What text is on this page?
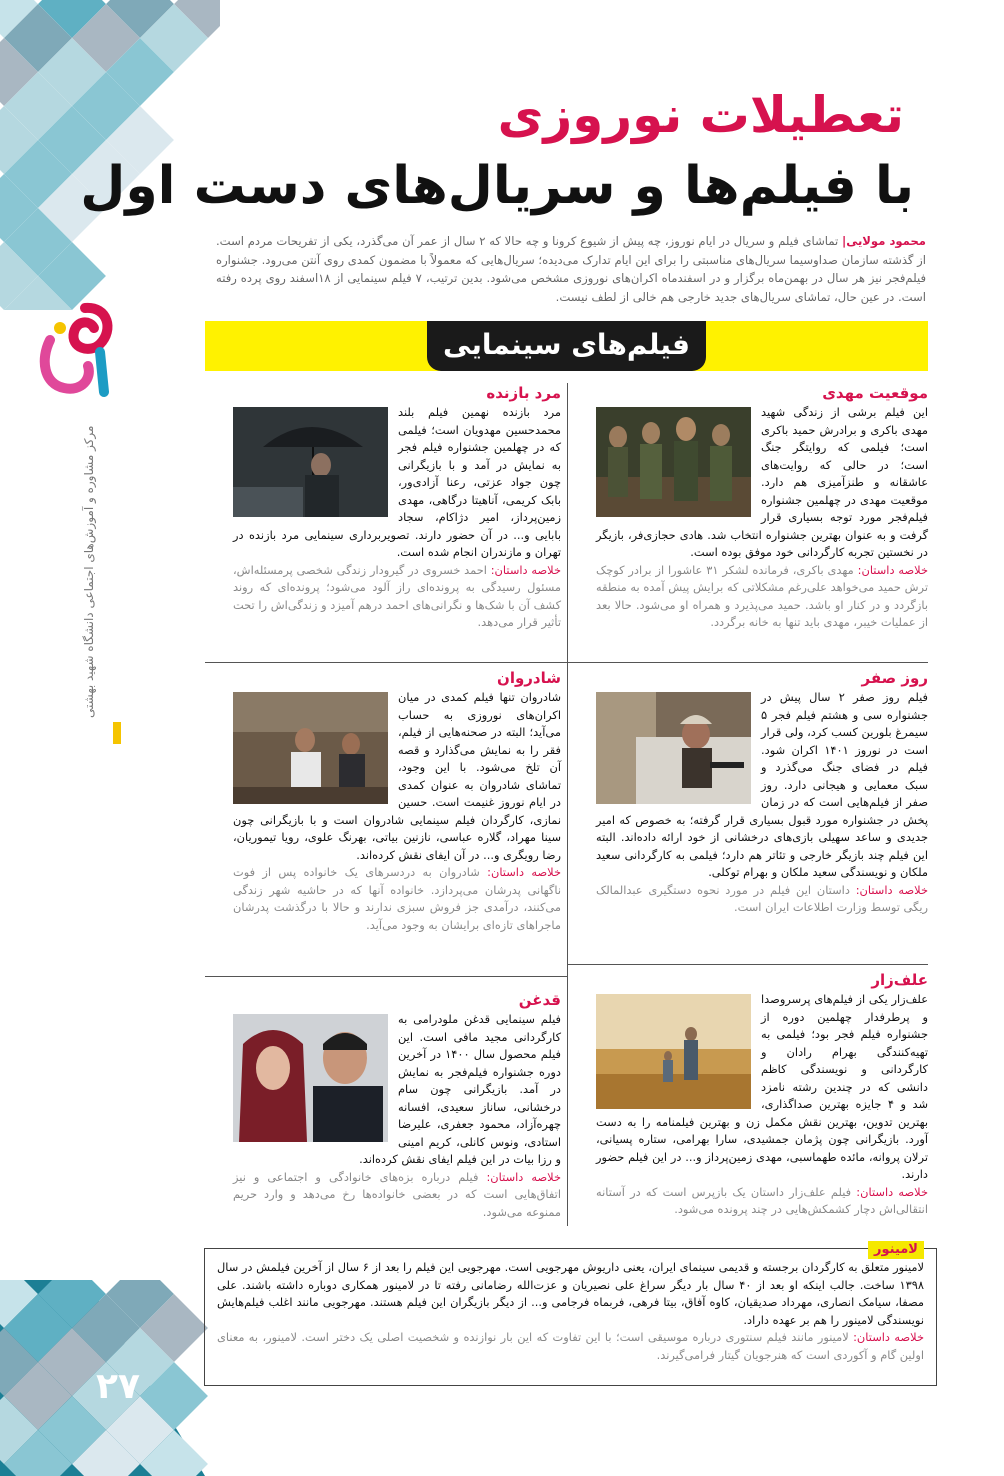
مرکز مشاوره و آموزش‌های اجتماعی دانشگاه شهید بهشتی
۲۷
تعطیلات نوروزی
با فیلم‌ها و سریال‌های دست اول
محمود مولایی| تماشای فیلم و سریال در ایام نوروز، چه پیش از شیوع کرونا و چه حالا که ۲ سال از عمر آن می‌گذرد، یکی از تفریحات مردم است. از گذشته سازمان صداوسیما سریال‌های مناسبتی را برای این ایام تدارک می‌دیده؛ سریال‌هایی که معمولاً با مضمون کمدی روی آنتن می‌رود. جشنواره فیلم‌فجر نیز هر سال در بهمن‌ماه برگزار و در اسفند‌ماه اکران‌های نوروزی مشخص می‌شود. بدین ترتیب، ۷ فیلم سینمایی از ۱۸اسفند روی پرده رفته است. در عین حال، تماشای سریال‌های جدید خارجی هم خالی از لطف نیست.
فیلم‌های سینمایی
موقعیت مهدی

این فیلم برشی از زندگی شهید مهدی باکری و برادرش حمید باکری است؛ فیلمی که روایتگر جنگ است؛ در حالی که روایت‌های عاشقانه و طنزآمیزی هم دارد. موقعیت مهدی در چهلمین جشنواره فیلم‌فجر مورد توجه بسیاری قرار گرفت و به عنوان بهترین جشنواره انتخاب شد. هادی حجازی‌فر، بازیگر در نخستین تجربه کارگردانی خود موفق بوده است.

خلاصه داستان: مهدی باکری، فرمانده لشکر ۳۱ عاشورا از برادر کوچک ترش حمید می‌خواهد علی‌رغم مشکلاتی که برایش پیش آمده به منطقه بازگردد و در کنار او باشد. حمید می‌پذیرد و همراه او می‌شود. حالا بعد از عملیات خیبر، مهدی باید تنها به خانه برگردد.

مرد بازنده

مرد بازنده نهمین فیلم بلند محمدحسین مهدویان است؛ فیلمی که در چهلمین جشنواره فیلم فجر به نمایش در آمد و با بازیگرانی چون جواد عزتی، رعنا آزادی‌ور، بابک کریمی، آناهیتا درگاهی، مهدی زمین‌پرداز، امیر دژاکام، سجاد بابایی و... در آن حضور دارند. تصویربرداری سینمایی مرد بازنده در تهران و مازندران انجام شده است.

خلاصه داستان: احمد خسروی در گیرودار زندگی شخصی پرمسئله‌اش، مسئول رسیدگی به پرونده‌ای راز آلود می‌شود؛ پرونده‌ای که روند کشف آن با شک‌ها و نگرانی‌های احمد درهم آمیزد و زندگی‌اش را تحت تأثیر قرار می‌دهد.

روز صفر

فیلم روز صفر ۲ سال پیش در جشنواره سی و هشتم فیلم فجر ۵ سیمرغ بلورین کسب کرد، ولی قرار است در نوروز ۱۴۰۱ اکران شود. فیلم در فضای جنگ می‌گذرد و سبک معمایی و هیجانی دارد. روز صفر از فیلم‌هایی است که در زمان پخش در جشنواره مورد قبول بسیاری قرار گرفته؛ به خصوص که امیر جدیدی و ساعد سهیلی بازی‌های درخشانی از خود ارائه داده‌اند. البته این فیلم چند بازیگر خارجی و تئاتر هم دارد؛ فیلمی به کارگردانی سعید ملکان و نویسندگی سعید ملکان و بهرام توکلی.

خلاصه داستان: داستان این فیلم در مورد نحوه دستگیری عبدالمالک ریگی توسط وزارت اطلاعات ایران است.

شادروان

شادروان تنها فیلم کمدی در میان اکران‌های نوروزی به حساب می‌آید؛ البته در صحنه‌هایی از فیلم، فقر را به نمایش می‌گذارد و قصه آن تلخ می‌شود. با این وجود، تماشای شادروان به عنوان کمدی در ایام نوروز غنیمت است. حسین نمازی، کارگردان فیلم سینمایی شادروان است و با بازیگرانی چون سینا مهراد، گلاره عباسی، نازنین بیاتی، بهرنگ علوی، رویا تیموریان، رضا رویگری و... در آن ایفای نقش کرده‌اند.

خلاصه داستان: شادروان به دردسرهای یک خانواده پس از فوت ناگهانی پدرشان می‌پردازد. خانواده آنها که در حاشیه شهر زندگی می‌کنند، درآمدی جز فروش سبزی ندارند و حالا با درگذشت پدرشان ماجراهای تازه‌ای برایشان به وجود می‌آید.

علف‌زار

علف‌زار یکی از فیلم‌های پرسروصدا و پرطرفدار چهلمین دوره از جشنواره فیلم فجر بود؛ فیلمی به تهیه‌کنندگی بهرام رادان و کارگردانی و نویسندگی کاظم دانشی که در چندین رشته نامزد شد و ۴ جایزه بهترین صداگذاری، بهترین تدوین، بهترین نقش مکمل زن و بهترین فیلمنامه را به دست آورد. بازیگرانی چون پژمان جمشیدی، سارا بهرامی، ستاره پسیانی، ترلان پروانه، مائده طهماسبی، مهدی زمین‌پرداز و... در این فیلم حضور دارند.

خلاصه داستان: فیلم علف‌زار داستان یک بازپرس است که در آستانه انتقالی‌اش دچار کشمکش‌هایی در چند پرونده می‌شود.

قدغن

فیلم سینمایی قدغن ملودرامی به کارگردانی مجید مافی است. این فیلم محصول سال ۱۴۰۰ در آخرین دوره جشنواره فیلم‌فجر به نمایش در آمد. بازیگرانی چون سام درخشانی، ساناز سعیدی، افسانه چهره‌آزاد، محمود جعفری، علیرضا استادی، ونوس کانلی، کریم امینی و رزا بیات در این فیلم ایفای نقش کرده‌اند.

خلاصه داستان: فیلم درباره بزه‌های خانوادگی و اجتماعی و نیز اتفاق‌هایی است که در بعضی خانواده‌ها رخ می‌دهد و وارد حریم ممنوعه می‌شود.

لامینور

لامینور متعلق به کارگردان برجسته و قدیمی سینمای ایران، یعنی داریوش مهرجویی است. مهرجویی این فیلم را بعد از ۶ سال از آخرین فیلمش در سال ۱۳۹۸ ساخت. جالب اینکه او بعد از ۴۰ سال بار دیگر سراغ علی نصیریان و عزت‌الله رضامانی رفته تا در لامینور همکاری دوباره داشته باشند. علی مصفا، سیامک انصاری، مهرداد صدیقیان، کاوه آفاق، بیتا فرهی، فربماه فرجامی و... از دیگر بازیگران این فیلم هستند. مهرجویی مانند اغلب فیلم‌هایش نویسندگی لامینور را هم بر عهده داراد.

خلاصه داستان: لامینور مانند فیلم سنتوری درباره موسیقی است؛ با این تفاوت که این بار نوازنده و شخصیت اصلی یک دختر است. لامینور، به معنای اولین گام و آکوردی است که هنرجویان گیتار فرامی‌گیرند.
